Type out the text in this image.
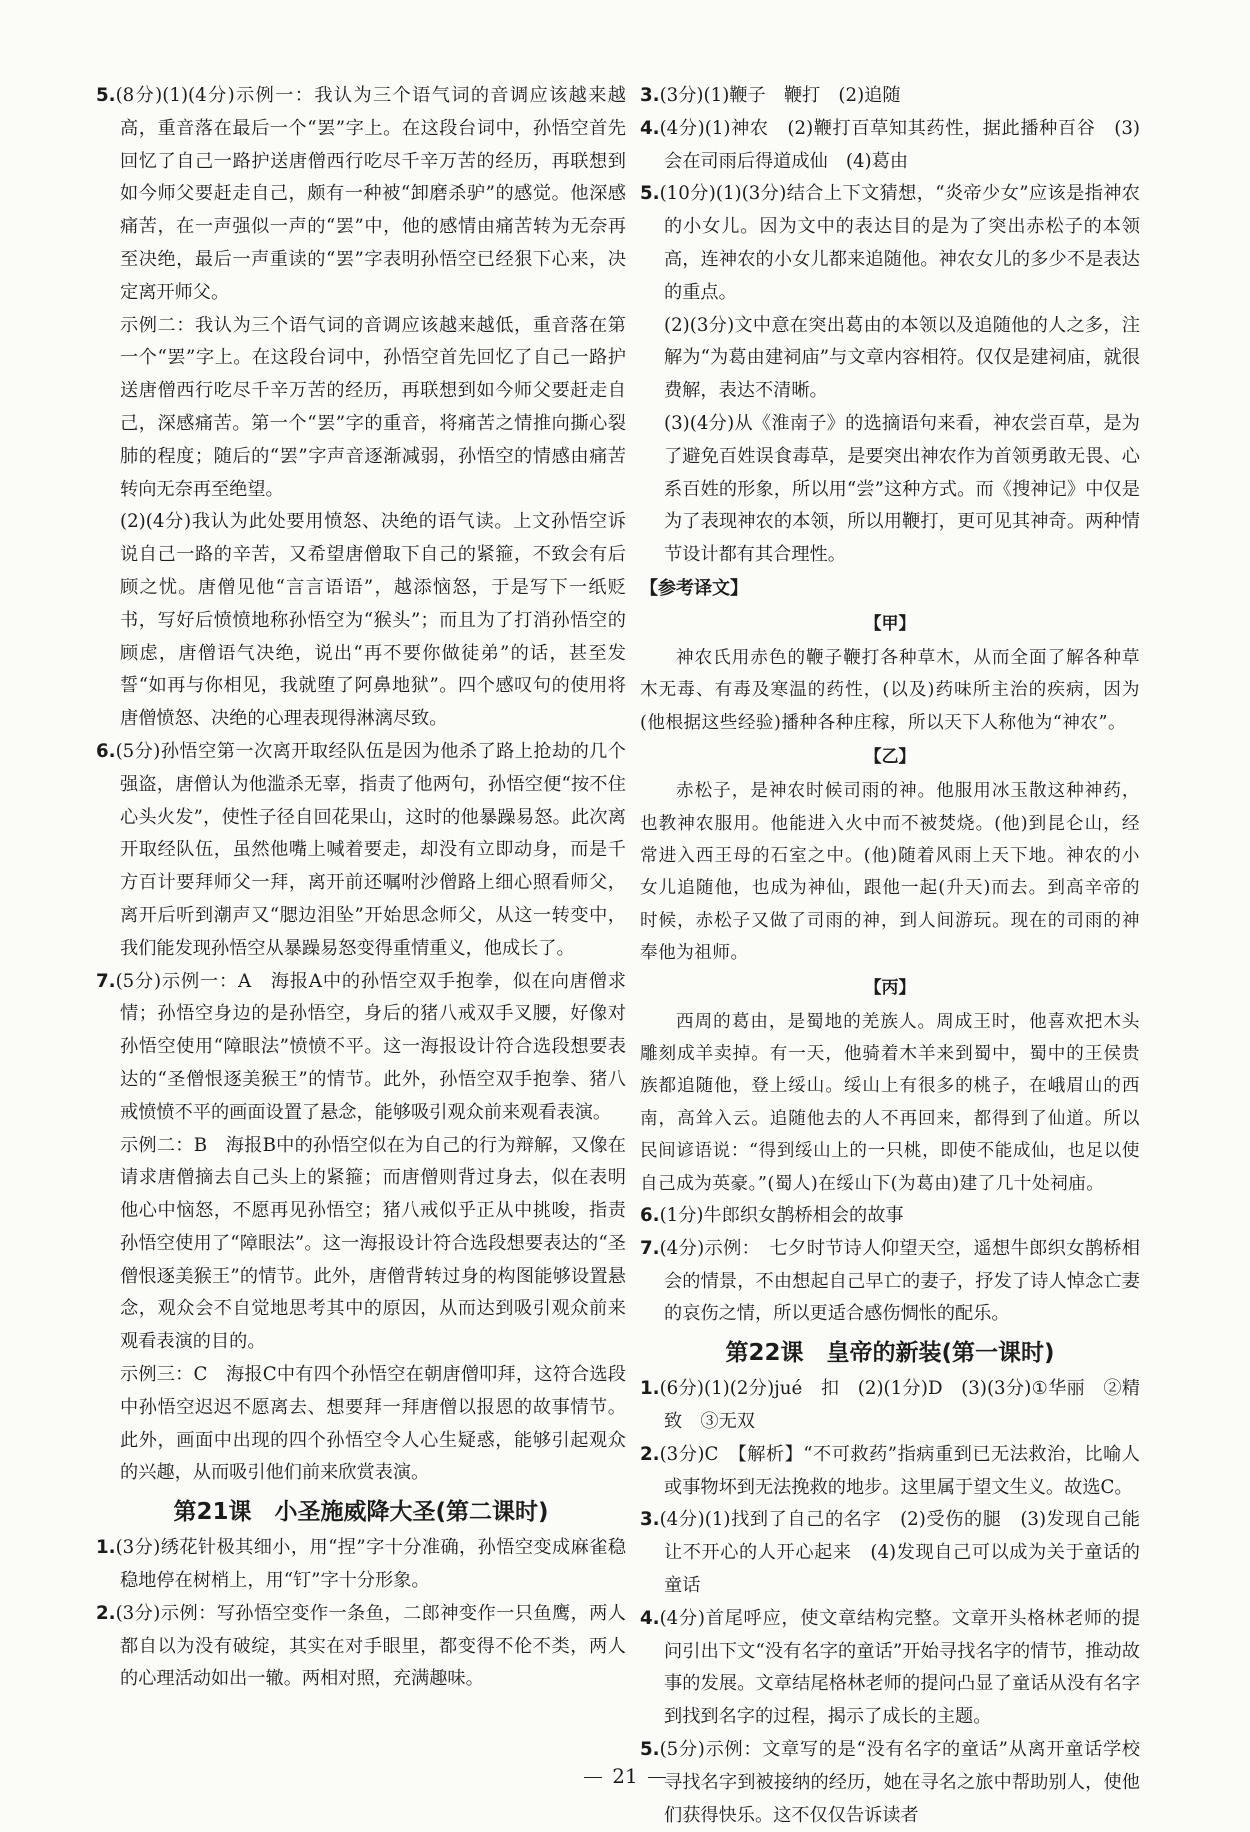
5.(8分)(1)(4分)示例一：我认为三个语气词的音调应该越来越高，重音落在最后一个“罢”字上。在这段台词中，孙悟空首先回忆了自己一路护送唐僧西行吃尽千辛万苦的经历，再联想到如今师父要赶走自己，颇有一种被“卸磨杀驴”的感觉。他深感痛苦，在一声强似一声的“罢”中，他的感情由痛苦转为无奈再至决绝，最后一声重读的“罢”字表明孙悟空已经狠下心来，决定离开师父。
示例二：我认为三个语气词的音调应该越来越低，重音落在第一个“罢”字上。在这段台词中，孙悟空首先回忆了自己一路护送唐僧西行吃尽千辛万苦的经历，再联想到如今师父要赶走自己，深感痛苦。第一个“罢”字的重音，将痛苦之情推向撕心裂肺的程度；随后的“罢”字声音逐渐减弱，孙悟空的情感由痛苦转向无奈再至绝望。
(2)(4分)我认为此处要用愤怒、决绝的语气读。上文孙悟空诉说自己一路的辛苦，又希望唐僧取下自己的紧箍，不致会有后顾之忧。唐僧见他“言言语语”，越添恼怒，于是写下一纸贬书，写好后愤愤地称孙悟空为“猴头”；而且为了打消孙悟空的顾虑，唐僧语气决绝，说出“再不要你做徒弟”的话，甚至发誓“如再与你相见，我就堕了阿鼻地狱”。四个感叹句的使用将唐僧愤怒、决绝的心理表现得淋漓尽致。
6.(5分)孙悟空第一次离开取经队伍是因为他杀了路上抢劫的几个强盗，唐僧认为他滥杀无辜，指责了他两句，孙悟空便“按不住心头火发”，使性子径自回花果山，这时的他暴躁易怒。此次离开取经队伍，虽然他嘴上喊着要走，却没有立即动身，而是千方百计要拜师父一拜，离开前还嘱咐沙僧路上细心照看师父，离开后听到潮声又“腮边泪坠”开始思念师父，从这一转变中，我们能发现孙悟空从暴躁易怒变得重情重义，他成长了。
7.(5分)示例一：A　海报A中的孙悟空双手抱拳，似在向唐僧求情；孙悟空身边的是孙悟空，身后的猪八戒双手叉腰，好像对孙悟空使用“障眼法”愤愤不平。这一海报设计符合选段想要表达的“圣僧恨逐美猴王”的情节。此外，孙悟空双手抱拳、猪八戒愤愤不平的画面设置了悬念，能够吸引观众前来观看表演。
示例二：B　海报B中的孙悟空似在为自己的行为辩解，又像在请求唐僧摘去自己头上的紧箍；而唐僧则背过身去，似在表明他心中恼怒，不愿再见孙悟空；猪八戒似乎正从中挑唆，指责孙悟空使用了“障眼法”。这一海报设计符合选段想要表达的“圣僧恨逐美猴王”的情节。此外，唐僧背转过身的构图能够设置悬念，观众会不自觉地思考其中的原因，从而达到吸引观众前来观看表演的目的。
示例三：C　海报C中有四个孙悟空在朝唐僧叩拜，这符合选段中孙悟空迟迟不愿离去、想要拜一拜唐僧以报恩的故事情节。此外，画面中出现的四个孙悟空令人心生疑惑，能够引起观众的兴趣，从而吸引他们前来欣赏表演。
第21课　小圣施威降大圣(第二课时)
1.(3分)绣花针极其细小，用“捏”字十分准确，孙悟空变成麻雀稳稳地停在树梢上，用“钉”字十分形象。
2.(3分)示例：写孙悟空变作一条鱼，二郎神变作一只鱼鹰，两人都自以为没有破绽，其实在对手眼里，都变得不伦不类，两人的心理活动如出一辙。两相对照，充满趣味。
3.(3分)(1)鞭子　鞭打　(2)追随
4.(4分)(1)神农　(2)鞭打百草知其药性，据此播种百谷　(3)会在司雨后得道成仙　(4)葛由
5.(10分)(1)(3分)结合上下文猜想，“炎帝少女”应该是指神农的小女儿。因为文中的表达目的是为了突出赤松子的本领高，连神农的小女儿都来追随他。神农女儿的多少不是表达的重点。
(2)(3分)文中意在突出葛由的本领以及追随他的人之多，注解为“为葛由建祠庙”与文章内容相符。仅仅是建祠庙，就很费解，表达不清晰。
(3)(4分)从《淮南子》的选摘语句来看，神农尝百草，是为了避免百姓误食毒草，是要突出神农作为首领勇敢无畏、心系百姓的形象，所以用“尝”这种方式。而《搜神记》中仅是为了表现神农的本领，所以用鞭打，更可见其神奇。两种情节设计都有其合理性。
【参考译文】
【甲】
神农氏用赤色的鞭子鞭打各种草木，从而全面了解各种草木无毒、有毒及寒温的药性，(以及)药味所主治的疾病，因为(他根据这些经验)播种各种庄稼，所以天下人称他为“神农”。
【乙】
赤松子，是神农时候司雨的神。他服用冰玉散这种神药，也教神农服用。他能进入火中而不被焚烧。(他)到昆仑山，经常进入西王母的石室之中。(他)随着风雨上天下地。神农的小女儿追随他，也成为神仙，跟他一起(升天)而去。到高辛帝的时候，赤松子又做了司雨的神，到人间游玩。现在的司雨的神奉他为祖师。
【丙】
西周的葛由，是蜀地的羌族人。周成王时，他喜欢把木头雕刻成羊卖掉。有一天，他骑着木羊来到蜀中，蜀中的王侯贵族都追随他，登上绥山。绥山上有很多的桃子，在峨眉山的西南，高耸入云。追随他去的人不再回来，都得到了仙道。所以民间谚语说：“得到绥山上的一只桃，即使不能成仙，也足以使自己成为英豪。”(蜀人)在绥山下(为葛由)建了几十处祠庙。
6.(1分)牛郎织女鹊桥相会的故事
7.(4分)示例：　七夕时节诗人仰望天空，遥想牛郎织女鹊桥相会的情景，不由想起自己早亡的妻子，抒发了诗人悼念亡妻的哀伤之情，所以更适合感伤惆怅的配乐。
第22课　皇帝的新装(第一课时)
1.(6分)(1)(2分)jué　扣　(2)(1分)D　(3)(3分)①华丽　②精致　③无双
2.(3分)C　【解析】“不可救药”指病重到已无法救治，比喻人或事物坏到无法挽救的地步。这里属于望文生义。故选C。
3.(4分)(1)找到了自己的名字　(2)受伤的腿　(3)发现自己能让不开心的人开心起来　(4)发现自己可以成为关于童话的童话
4.(4分)首尾呼应，使文章结构完整。文章开头格林老师的提问引出下文“没有名字的童话”开始寻找名字的情节，推动故事的发展。文章结尾格林老师的提问凸显了童话从没有名字到找到名字的过程，揭示了成长的主题。
5.(5分)示例：文章写的是“没有名字的童话”从离开童话学校寻找名字到被接纳的经历，她在寻名之旅中帮助别人，使他们获得快乐。这不仅仅告诉读者
21
